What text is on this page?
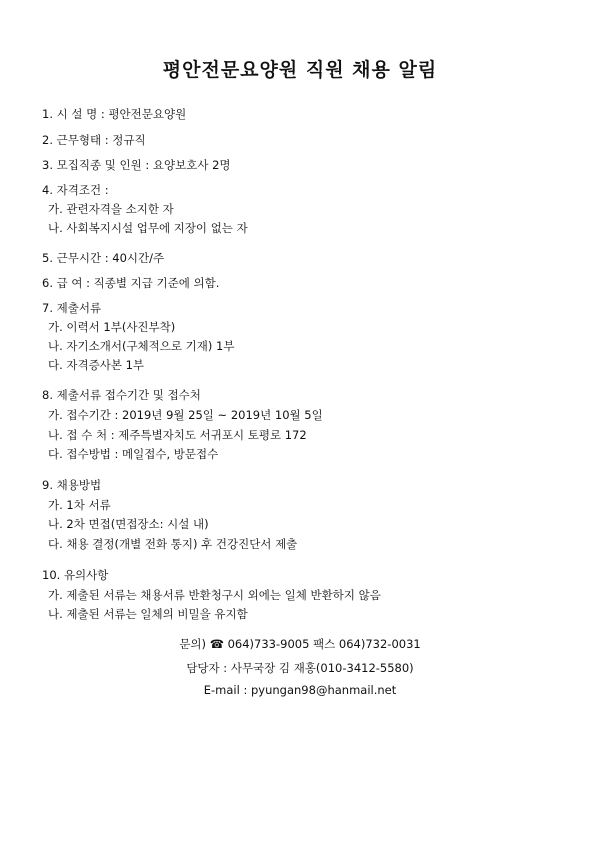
평안전문요양원 직원 채용 알림
1. 시 설 명 : 평안전문요양원
2. 근무형태 : 정규직
3. 모집직종 및 인원 : 요양보호사 2명
4. 자격조건 :
가. 관련자격을 소지한 자
나. 사회복지시설 업무에 지장이 없는 자
5. 근무시간 : 40시간/주
6. 급 여 : 직종별 지급 기준에 의함.
7. 제출서류
가. 이력서 1부(사진부착)
나. 자기소개서(구체적으로 기재) 1부
다. 자격증사본 1부
8. 제출서류 접수기간 및 접수처
가. 접수기간 : 2019년 9월 25일 ~ 2019년 10월 5일
나. 접 수 처 : 제주특별자치도 서귀포시 토평로 172
다. 접수방법 : 메일접수, 방문접수
9. 채용방법
가. 1차 서류
나. 2차 면접(면접장소: 시설 내)
다. 채용 결정(개별 전화 통지) 후 건강진단서 제출
10. 유의사항
가. 제출된 서류는 채용서류 반환청구시 외에는 일체 반환하지 않음
나. 제출된 서류는 일체의 비밀을 유지함
문의) ☎ 064)733-9005 팩스 064)732-0031
담당자 : 사무국장 김 재홍(010-3412-5580)
E-mail : pyungan98@hanmail.net
